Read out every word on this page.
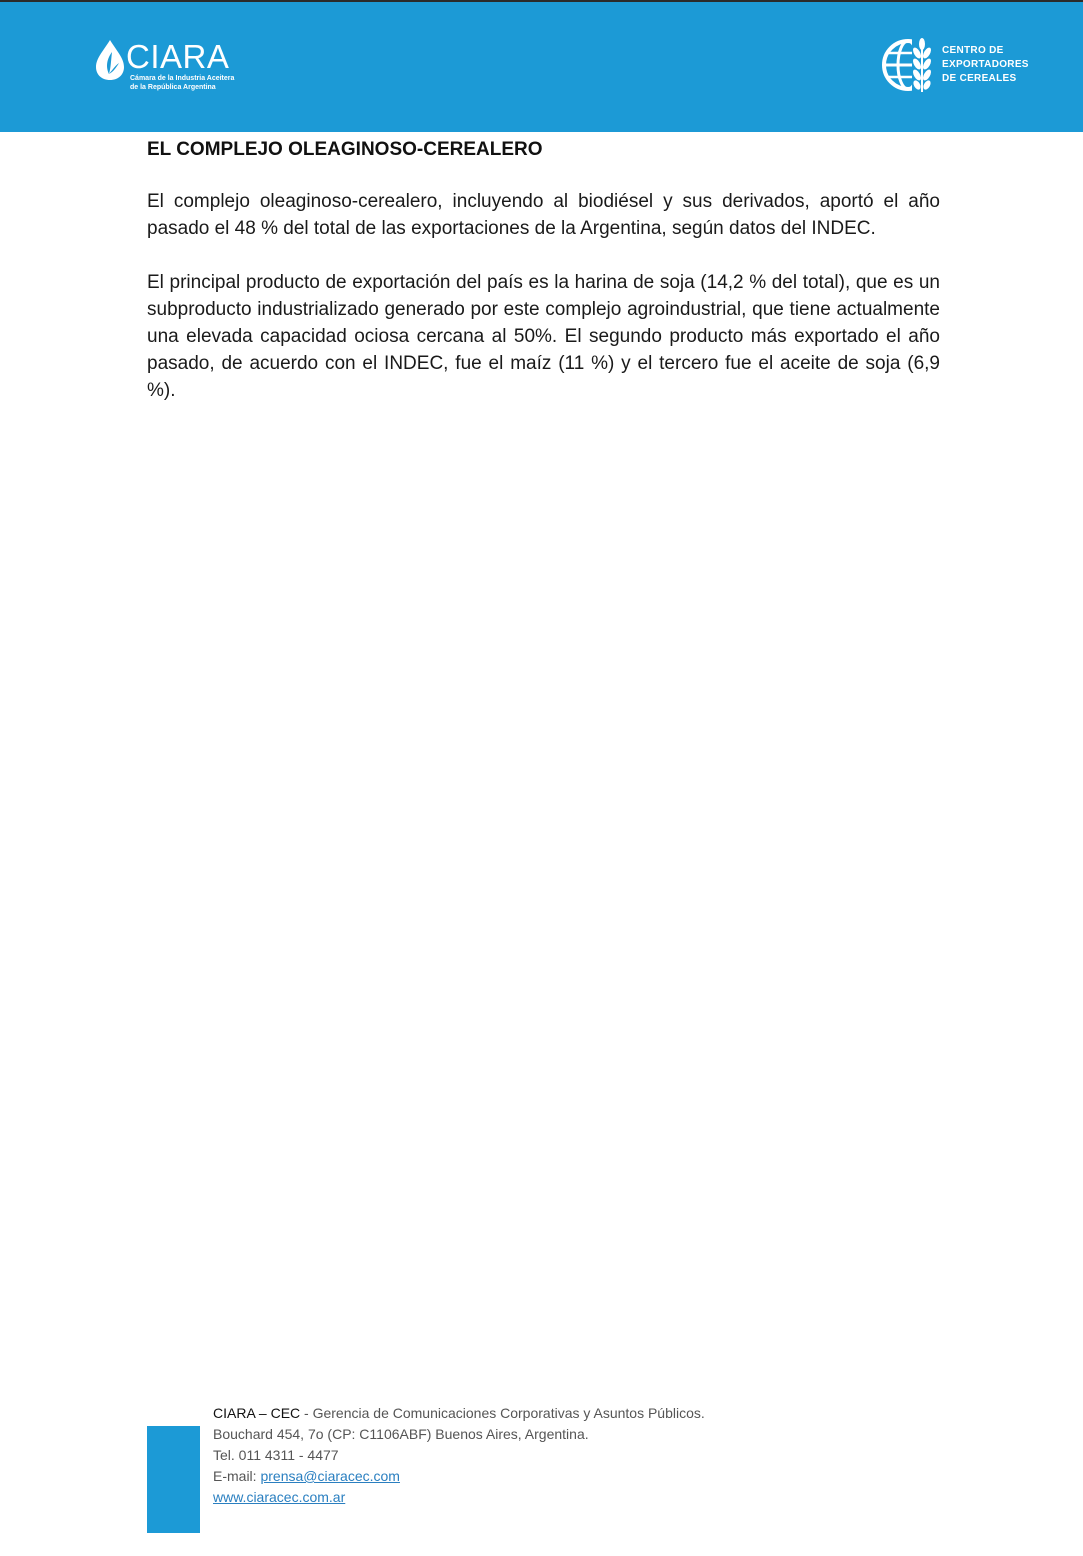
CIARA
Cámara de la Industria Aceitera
de la República Argentina
CENTRO DE
EXPORTADORES
DE CEREALES
EL COMPLEJO OLEAGINOSO-CEREALERO

El complejo oleaginoso-cerealero, incluyendo al biodiésel y sus derivados, aportó el año pasado el 48 % del total de las exportaciones de la Argentina, según datos del INDEC.

El principal producto de exportación del país es la harina de soja (14,2 % del total), que es un subproducto industrializado generado por este complejo agroindustrial, que tiene actualmente una elevada capacidad ociosa cercana al 50%. El segundo producto más exportado el año pasado, de acuerdo con el INDEC, fue el maíz (11 %) y el tercero fue el aceite de soja (6,9 %).

CIARA – CEC - Gerencia de Comunicaciones Corporativas y Asuntos Públicos.
Bouchard 454, 7o (CP: C1106ABF) Buenos Aires, Argentina.
Tel. 011 4311 - 4477
E-mail: prensa@ciaracec.com
www.ciaracec.com.ar
